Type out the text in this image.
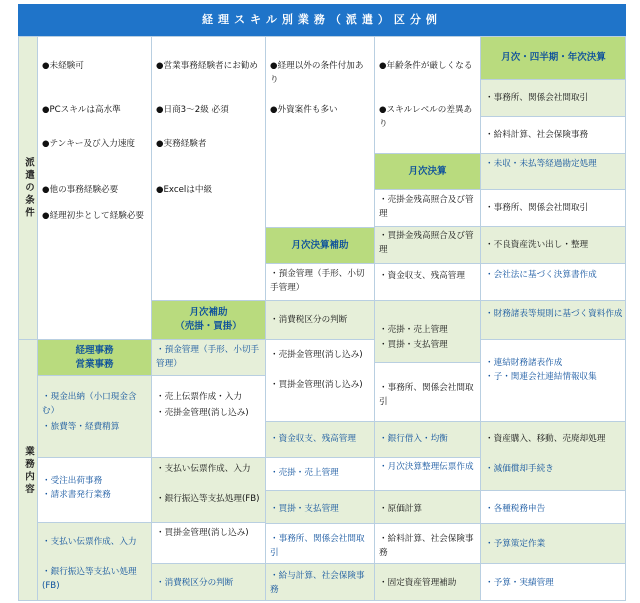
経理スキル別業務（派遣）区分例
派遣の条件
業務内容
●未経験可
●PCスキルは高水準
●テンキー及び入力速度
●他の事務経験必要
●経理初歩として経験必要
経理事務
営業事務
・現金出納（小口現金含む）
・旅費等・経費精算
・受注出荷事務
・請求書発行業務
・支払い伝票作成、入力
・銀行振込等支払い処理(FB)
●営業事務経験者にお勧め
●日商3～2級 必須
●実務経験者
●Excelは中級
月次補助
（売掛・買掛）
・預金管理（手形、小切手管理）
・売上伝票作成・入力
・売掛金管理(消し込み)
・支払い伝票作成、入力
・銀行振込等支払処理(FB)
・買掛金管理(消し込み)
・消費税区分の判断
●経理以外の条件付加あり
●外資案件も多い
月次決算補助
・預金管理（手形、小切手管理）
・消費税区分の判断
・売掛金管理(消し込み)
・買掛金管理(消し込み)
・資金収支、残高管理
・売掛・売上管理
・買掛・支払管理
・事務所、関係会社間取引
・給与計算、社会保険事務
●年齢条件が厳しくなる
●スキルレベルの差異あり
月次決算
・売掛金残高照合及び管理
・買掛金残高照合及び管理
・資金収支、残高管理
・売掛・売上管理
・買掛・支払管理
・事務所、関係会社間取引
・銀行借入・均衡
・月次決算整理伝票作成
・原価計算
・給料計算、社会保険事務
・固定資産管理補助
月次・四半期・年次決算
・事務所、関係会社間取引
・給料計算、社会保険事務
・未収・未払等経過勘定処理
・事務所、関係会社間取引
・不良資産洗い出し・整理
・会社法に基づく決算書作成
・財務諸表等規則に基づく資料作成
・連結財務諸表作成
・子・関連会社連結情報収集
・資産購入、移動、売廃却処理
・減価償却手続き
・各種税務申告
・予算策定作業
・予算・実績管理
